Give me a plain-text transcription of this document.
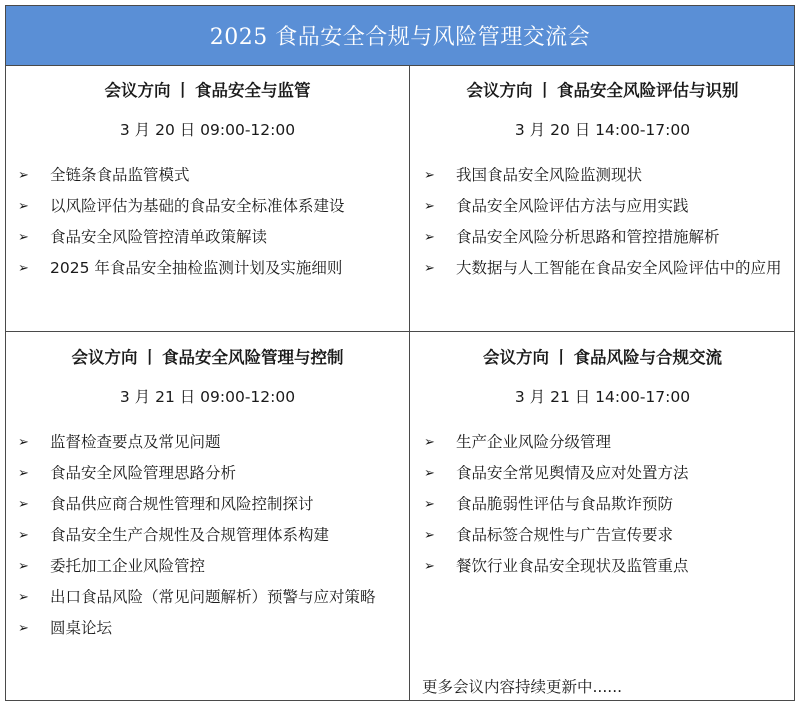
2025 食品安全合规与风险管理交流会
会议方向 丨 食品安全与监管
3 月 20 日 09:00-12:00
➢ 全链条食品监管模式
➢ 以风险评估为基础的食品安全标准体系建设
➢ 食品安全风险管控清单政策解读
➢ 2025 年食品安全抽检监测计划及实施细则
会议方向 丨 食品安全风险评估与识别
3 月 20 日 14:00-17:00
➢ 我国食品安全风险监测现状
➢ 食品安全风险评估方法与应用实践
➢ 食品安全风险分析思路和管控措施解析
➢ 大数据与人工智能在食品安全风险评估中的应用
会议方向 丨 食品安全风险管理与控制
3 月 21 日 09:00-12:00
➢ 监督检查要点及常见问题
➢ 食品安全风险管理思路分析
➢ 食品供应商合规性管理和风险控制探讨
➢ 食品安全生产合规性及合规管理体系构建
➢ 委托加工企业风险管控
➢ 出口食品风险（常见问题解析）预警与应对策略
➢ 圆桌论坛
会议方向 丨 食品风险与合规交流
3 月 21 日 14:00-17:00
➢ 生产企业风险分级管理
➢ 食品安全常见舆情及应对处置方法
➢ 食品脆弱性评估与食品欺诈预防
➢ 食品标签合规性与广告宣传要求
➢ 餐饮行业食品安全现状及监管重点
更多会议内容持续更新中......
